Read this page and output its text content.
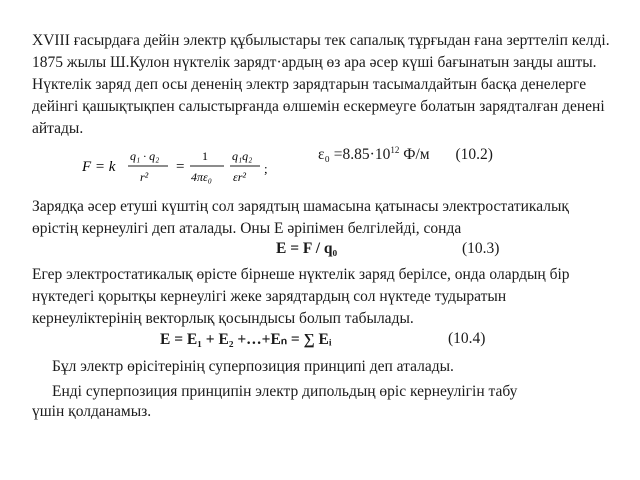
XVIII ғасырдаға дейін электр құбылыстары тек сапалық тұрғыдан ғана зерттеліп келді. 1875 жылы Ш.Кулон нүктелік зарядт·ардың өз ара әсер күші бағынатын заңды ашты. Нүктелік заряд деп осы дененің электр зарядтарын тасымалдайтын басқа денелерге дейінгі қашықтықпен салыстырғанда өлшемін ескермеугe болатын зарядталған денені айтады.

F = k
q₁ · q₂
r²
=
1
4πε₀
q₁q₂
εr²
;
$\varepsilon_0 =8.85\cdot 10^{12}$ Ф/м (10.2)

Зарядқа әсер етуші күштің сол зарядтың шамасына қатынасы электростатикалық өрістің кернеулігі деп аталады. Оны Е әріпімен белгілейді, сонда

E = F / q₀	(10.3)

Егер электростатикалық өрісте бірнеше нүктелік заряд берілсе, онда олардың бір нүктедегі қорытқы кернеулігі жеке зарядтардың сол нүктеде тудыратын кернеуліктерінің векторлық қосындысы болып табылады.

E = E₁ + E₂ +…+Eₙ = ∑ Eᵢ	(10.4)

Бұл электр өрісітерінің суперпозиция принципі деп аталады.

Енді суперпозиция принципін электр дипольдың өріс кернеулігін табу

үшін қолданамыз.
